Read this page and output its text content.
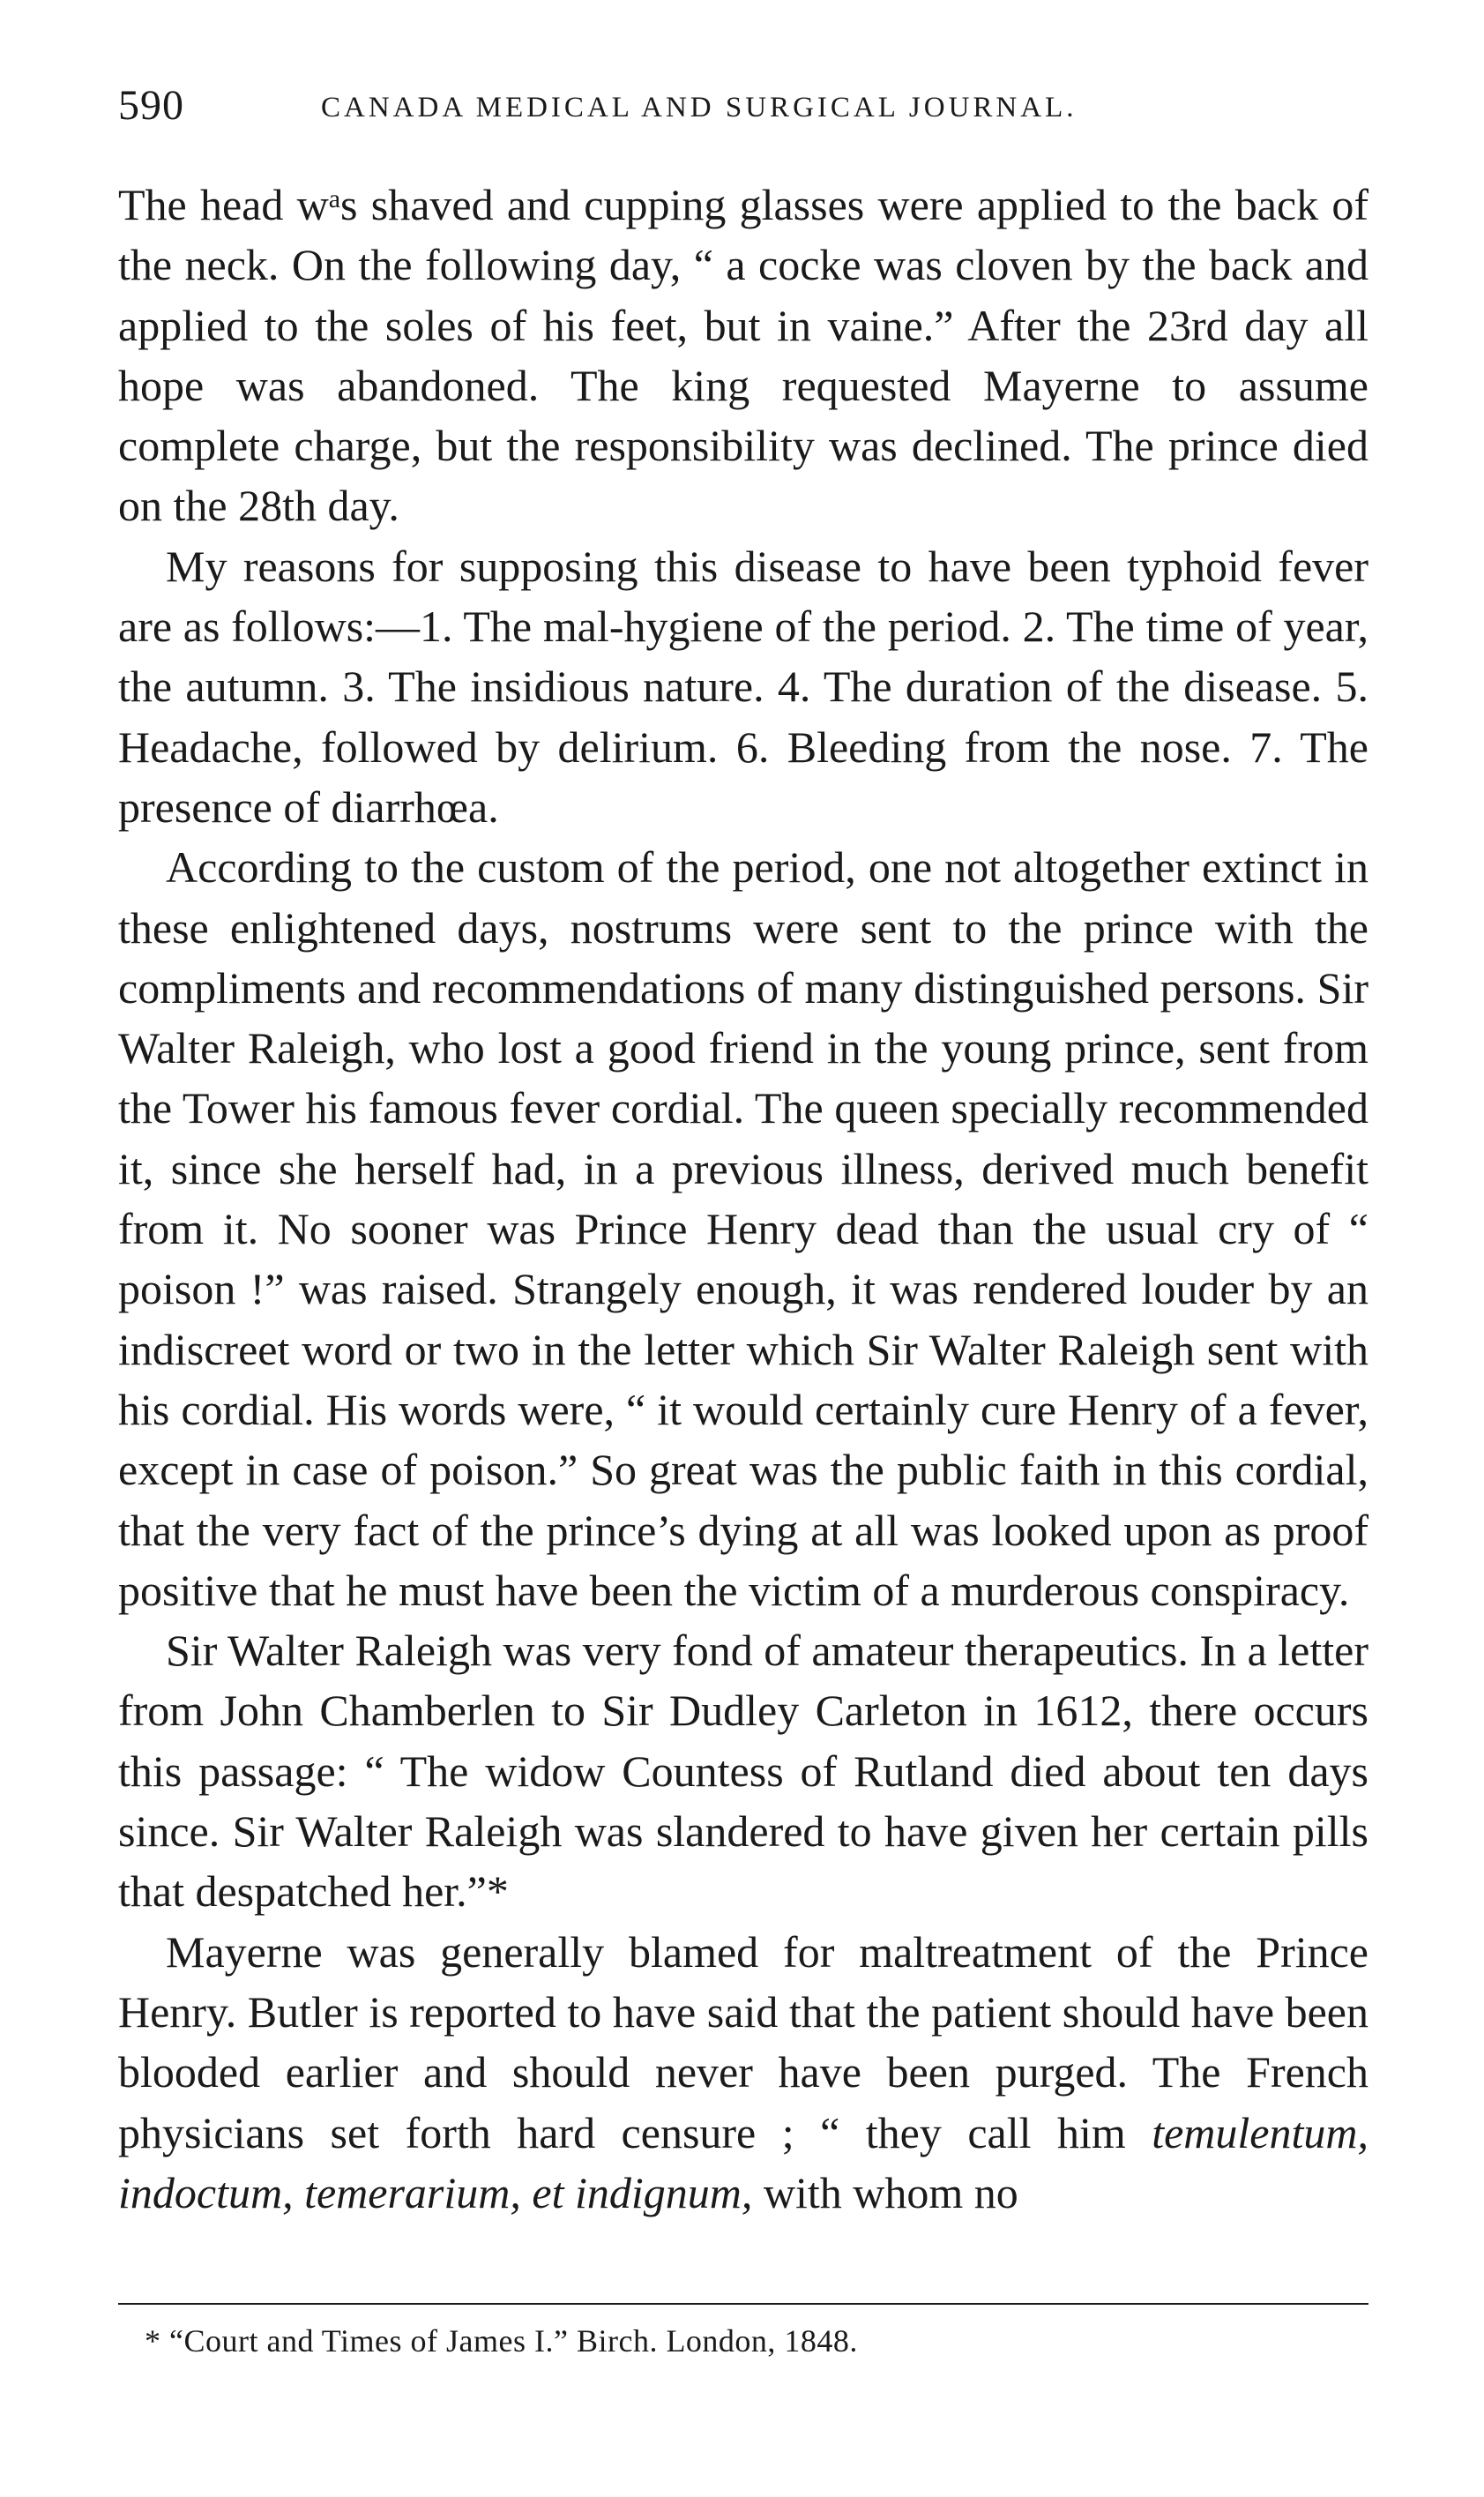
590	CANADA MEDICAL AND SURGICAL JOURNAL.

The head $w^as$ shaved and cupping glasses were applied to the back of the neck. On the following day, “ a cocke was cloven by the back and applied to the soles of his feet, but in vaine.” After the 23rd day all hope was abandoned. The king requested Mayerne to assume complete charge, but the responsibility was declined. The prince died on the 28th day.

My reasons for supposing this disease to have been typhoid fever are as follows:—1. The mal-hygiene of the period. 2. The time of year, the autumn. 3. The insidious nature. 4. The duration of the disease. 5. Headache, followed by delirium. 6. Bleeding from the nose. 7. The presence of diarrhœa.

According to the custom of the period, one not altogether extinct in these enlightened days, nostrums were sent to the prince with the compliments and recommendations of many distinguished persons. Sir Walter Raleigh, who lost a good friend in the young prince, sent from the Tower his famous fever cordial. The queen specially recommended it, since she herself had, in a previous illness, derived much benefit from it. No sooner was Prince Henry dead than the usual cry of “ poison !” was raised. Strangely enough, it was rendered louder by an indiscreet word or two in the letter which Sir Walter Raleigh sent with his cordial. His words were, “ it would certainly cure Henry of a fever, except in case of poison.” So great was the public faith in this cordial, that the very fact of the prince’s dying at all was looked upon as proof positive that he must have been the victim of a murderous conspiracy.

Sir Walter Raleigh was very fond of amateur therapeutics. In a letter from John Chamberlen to Sir Dudley Carleton in 1612, there occurs this passage: “ The widow Countess of Rutland died about ten days since. Sir Walter Raleigh was slandered to have given her certain pills that despatched her.”*

Mayerne was generally blamed for maltreatment of the Prince Henry. Butler is reported to have said that the patient should have been blooded earlier and should never have been purged. The French physicians set forth hard censure ; “ they call him temulentum, indoctum, temerarium, et indignum, with whom no

* “Court and Times of James I.” Birch. London, 1848.
